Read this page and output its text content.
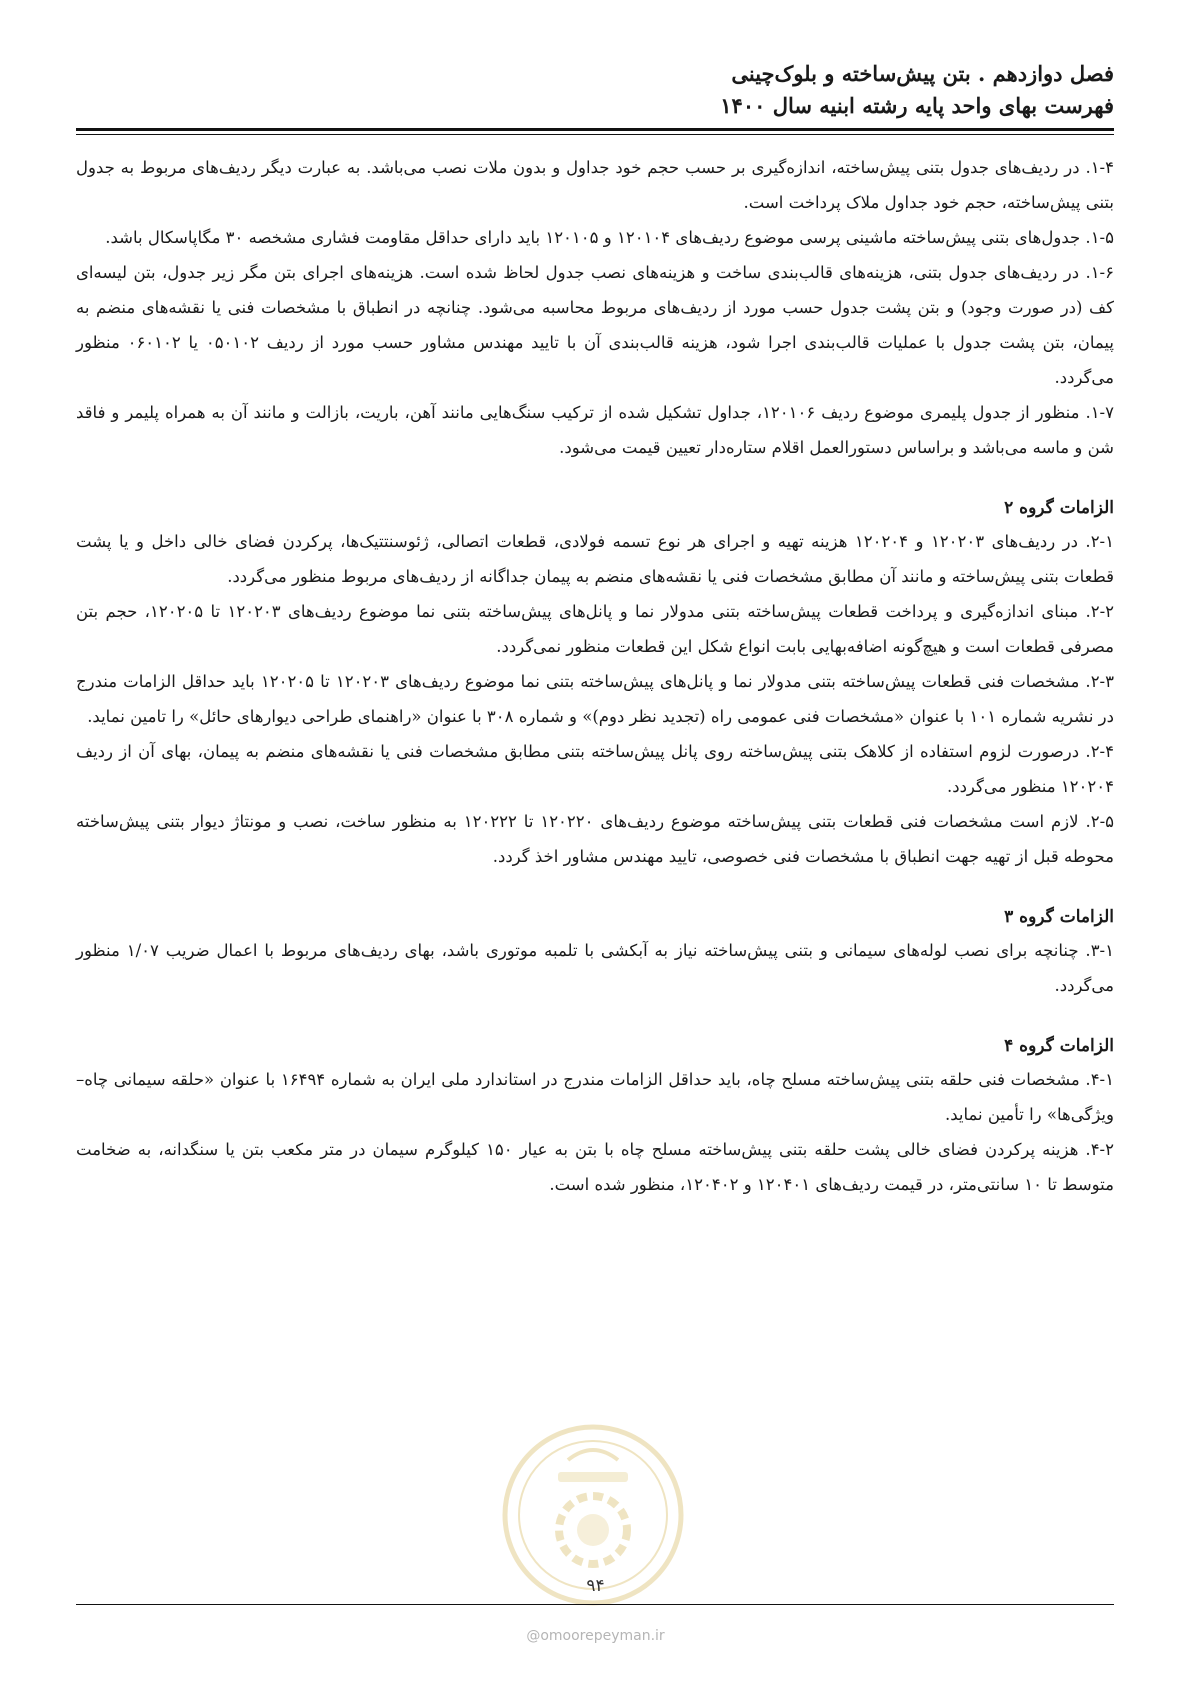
فصل دوازدهم . بتن پیش‌ساخته و بلوک‌چینی
فهرست بهای واحد پایه رشته ابنیه سال ۱۴۰۰

۱-۴. در ردیف‌های جدول بتنی پیش‌ساخته، اندازه‌گیری بر حسب حجم خود جداول و بدون ملات نصب می‌باشد. به عبارت دیگر ردیف‌های مربوط به جدول بتنی پیش‌ساخته، حجم خود جداول ملاک پرداخت است.

۱-۵. جدول‌های بتنی پیش‌ساخته ماشینی پرسی موضوع ردیف‌های ۱۲۰۱۰۴ و ۱۲۰۱۰۵ باید دارای حداقل مقاومت فشاری مشخصه ۳۰ مگاپاسکال باشد.

۱-۶. در ردیف‌های جدول بتنی، هزینه‌های قالب‌بندی ساخت و هزینه‌های نصب جدول لحاظ شده است. هزینه‌های اجرای بتن مگر زیر جدول، بتن لیسه‌ای کف (در صورت وجود) و بتن پشت جدول حسب مورد از ردیف‌های مربوط محاسبه می‌شود. چنانچه در انطباق با مشخصات فنی یا نقشه‌های منضم به پیمان، بتن پشت جدول با عملیات قالب‌بندی اجرا شود، هزینه قالب‌بندی آن با تایید مهندس مشاور حسب مورد از ردیف ۰۵۰۱۰۲ یا ۰۶۰۱۰۲ منظور می‌گردد.

۱-۷. منظور از جدول پلیمری موضوع ردیف ۱۲۰۱۰۶، جداول تشکیل شده از ترکیب سنگ‌هایی مانند آهن، باریت، بازالت و مانند آن به همراه پلیمر و فاقد شن و ماسه می‌باشد و براساس دستورالعمل اقلام ستاره‌دار تعیین قیمت می‌شود.

الزامات گروه ۲

۲-۱. در ردیف‌های ۱۲۰۲۰۳ و ۱۲۰۲۰۴ هزینه تهیه و اجرای هر نوع تسمه فولادی، قطعات اتصالی، ژئوسنتتیک‌ها، پرکردن فضای خالی داخل و یا پشت قطعات بتنی پیش‌ساخته و مانند آن مطابق مشخصات فنی یا نقشه‌های منضم به پیمان جداگانه از ردیف‌های مربوط منظور می‌گردد.

۲-۲. مبنای اندازه‌گیری و پرداخت قطعات پیش‌ساخته بتنی مدولار نما و پانل‌های پیش‌ساخته بتنی نما موضوع ردیف‌های ۱۲۰۲۰۳ تا ۱۲۰۲۰۵، حجم بتن مصرفی قطعات است و هیچ‌گونه اضافه‌بهایی بابت انواع شکل این قطعات منظور نمی‌گردد.

۲-۳. مشخصات فنی قطعات پیش‌ساخته بتنی مدولار نما و پانل‌های پیش‌ساخته بتنی نما موضوع ردیف‌های ۱۲۰۲۰۳ تا ۱۲۰۲۰۵ باید حداقل الزامات مندرج در نشریه شماره ۱۰۱ با عنوان «مشخصات فنی عمومی راه (تجدید نظر دوم)» و شماره ۳۰۸ با عنوان «راهنمای طراحی دیوارهای حائل» را تامین نماید.

۲-۴. درصورت لزوم استفاده از کلاهک بتنی پیش‌ساخته روی پانل پیش‌ساخته بتنی مطابق مشخصات فنی یا نقشه‌های منضم به پیمان، بهای آن از ردیف ۱۲۰۲۰۴ منظور می‌گردد.

۲-۵. لازم است مشخصات فنی قطعات بتنی پیش‌ساخته موضوع ردیف‌های ۱۲۰۲۲۰ تا ۱۲۰۲۲۲ به منظور ساخت، نصب و مونتاژ دیوار بتنی پیش‌ساخته محوطه قبل از تهیه جهت انطباق با مشخصات فنی خصوصی، تایید مهندس مشاور اخذ گردد.

الزامات گروه ۳

۳-۱. چنانچه برای نصب لوله‌های سیمانی و بتنی پیش‌ساخته نیاز به آبکشی با تلمبه موتوری باشد، بهای ردیف‌های مربوط با اعمال ضریب ۱/۰۷ منظور می‌گردد.

الزامات گروه ۴

۴-۱. مشخصات فنی حلقه بتنی پیش‌ساخته مسلح چاه، باید حداقل الزامات مندرج در استاندارد ملی ایران به شماره ۱۶۴۹۴ با عنوان «حلقه سیمانی چاه–ویژگی‌ها» را تأمین نماید.

۴-۲. هزینه پرکردن فضای خالی پشت حلقه بتنی پیش‌ساخته مسلح چاه با بتن به عیار ۱۵۰ کیلوگرم سیمان در متر مکعب بتن یا سنگدانه، به ضخامت متوسط تا ۱۰ سانتی‌متر، در قیمت ردیف‌های ۱۲۰۴۰۱ و ۱۲۰۴۰۲، منظور شده است.

۹۴
@omoorepeyman.ir
